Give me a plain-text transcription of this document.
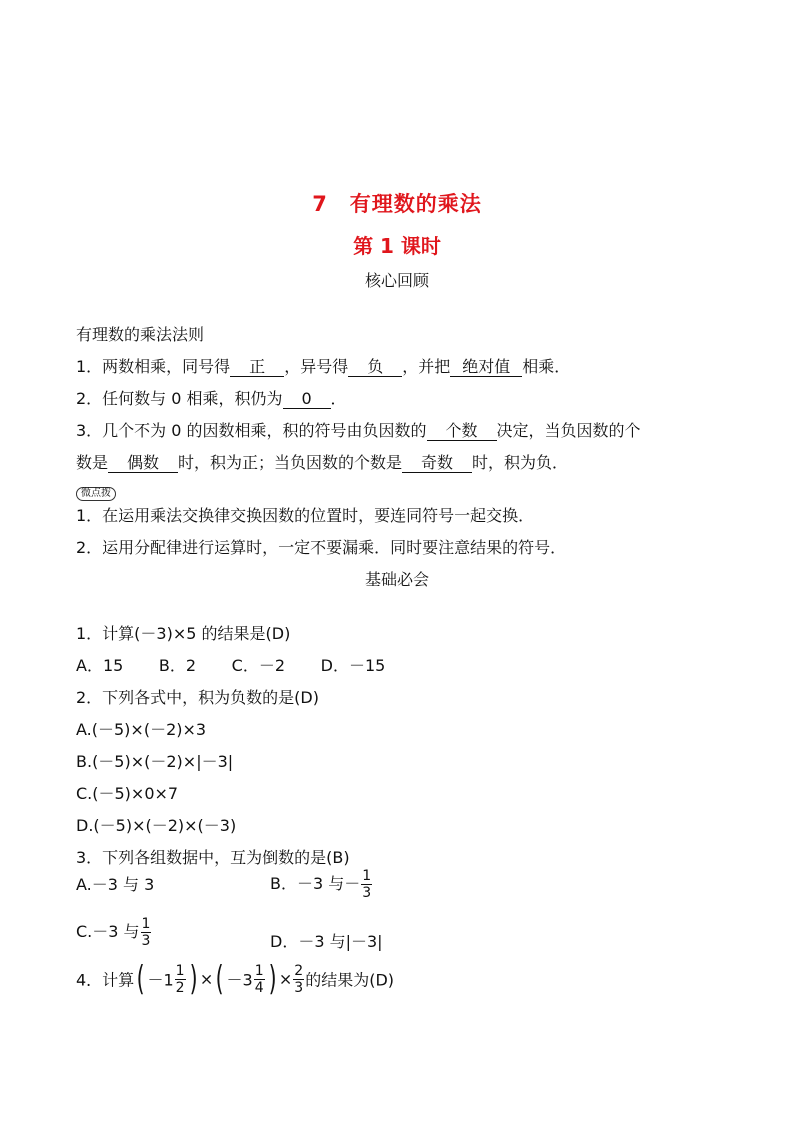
7　有理数的乘法
第 1 课时
核心回顾
有理数的乘法法则
1．两数相乘，同号得 正 ，异号得 负 ，并把 绝对值 相乘．
2．任何数与 0 相乘，积仍为 0 ．
3．几个不为 0 的因数相乘，积的符号由负因数的 个数 决定，当负因数的个
数是 偶数 时，积为正；当负因数的个数是 奇数 时，积为负．
微点拨
1．在运用乘法交换律交换因数的位置时，要连同符号一起交换．
2．运用分配律进行运算时，一定不要漏乘．同时要注意结果的符号．
基础必会
1．计算(－3)×5 的结果是(D)
A．15       B．2       C．－2       D．－15
2．下列各式中，积为负数的是(D)
A.(－5)×(－2)×3
B.(－5)×(－2)×|－3|
C.(－5)×0×7
D.(－5)×(－2)×(－3)
3．下列各组数据中，互为倒数的是(B)
A.－3 与 3	B．－3 与－ $\frac{1}{3}$
C.－3 与 $\frac{1}{3}$	D．－3 与|－3|
4．计算( $-1 \frac{1}{2}$ ) ×( $-3 \frac{1}{4}$ ) × $\frac{2}{3}$ 的结果为(D)
